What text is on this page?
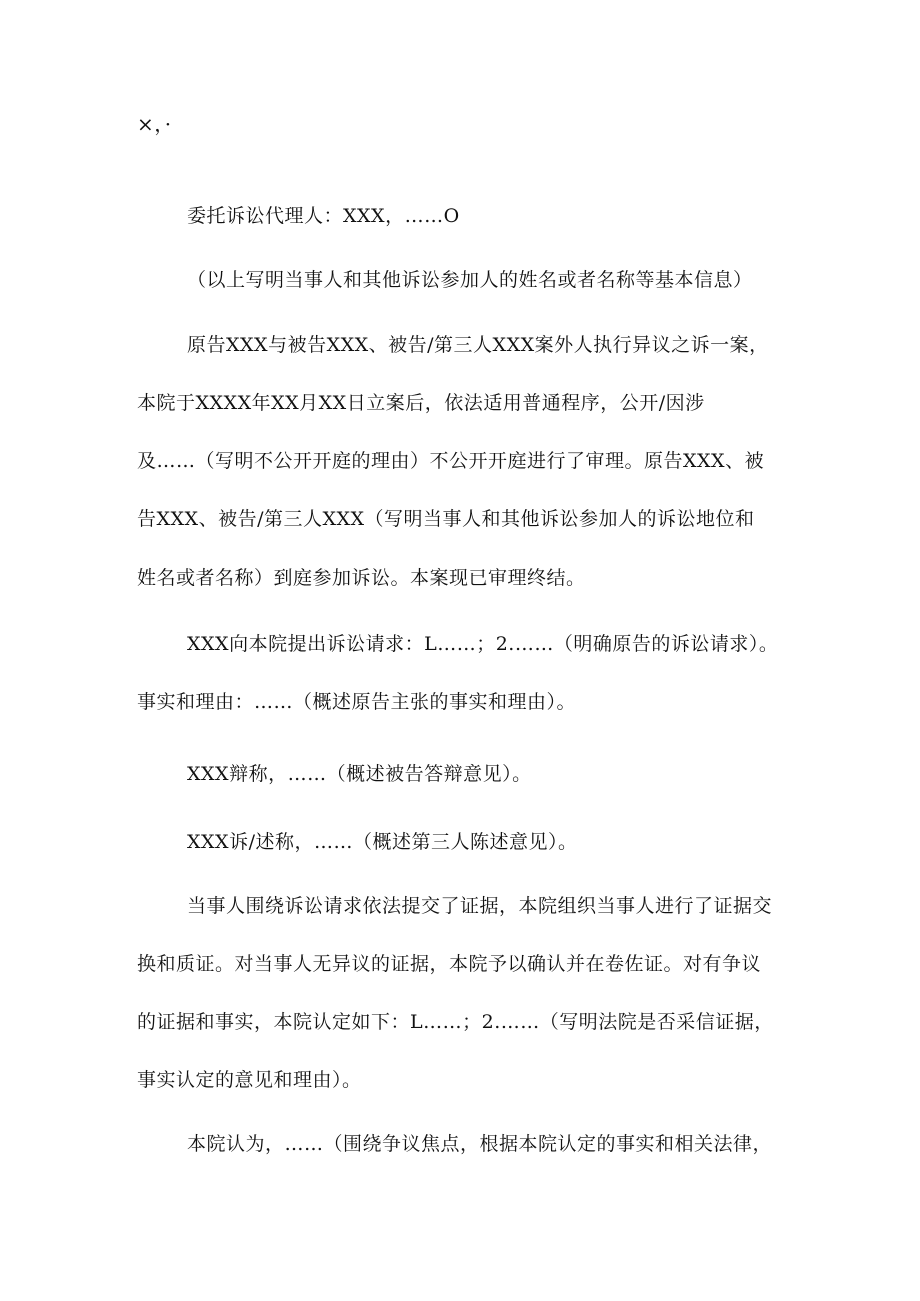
×，·
委托诉讼代理人：XXX，……O
（以上写明当事人和其他诉讼参加人的姓名或者名称等基本信息）
原告XXX与被告XXX、被告/第三人XXX案外人执行异议之诉一案，
本院于XXXX年XX月XX日立案后，依法适用普通程序，公开/因涉
及……（写明不公开开庭的理由）不公开开庭进行了审理。原告XXX、被
告XXX、被告/第三人XXX（写明当事人和其他诉讼参加人的诉讼地位和
姓名或者名称）到庭参加诉讼。本案现已审理终结。
XXX向本院提出诉讼请求：L……；2.……（明确原告的诉讼请求）。
事实和理由：……（概述原告主张的事实和理由）。
XXX辩称，……（概述被告答辩意见）。
XXX诉/述称，……（概述第三人陈述意见）。
当事人围绕诉讼请求依法提交了证据，本院组织当事人进行了证据交
换和质证。对当事人无异议的证据，本院予以确认并在卷佐证。对有争议
的证据和事实，本院认定如下：L……；2.……（写明法院是否采信证据，
事实认定的意见和理由）。
本院认为，……（围绕争议焦点，根据本院认定的事实和相关法律，
